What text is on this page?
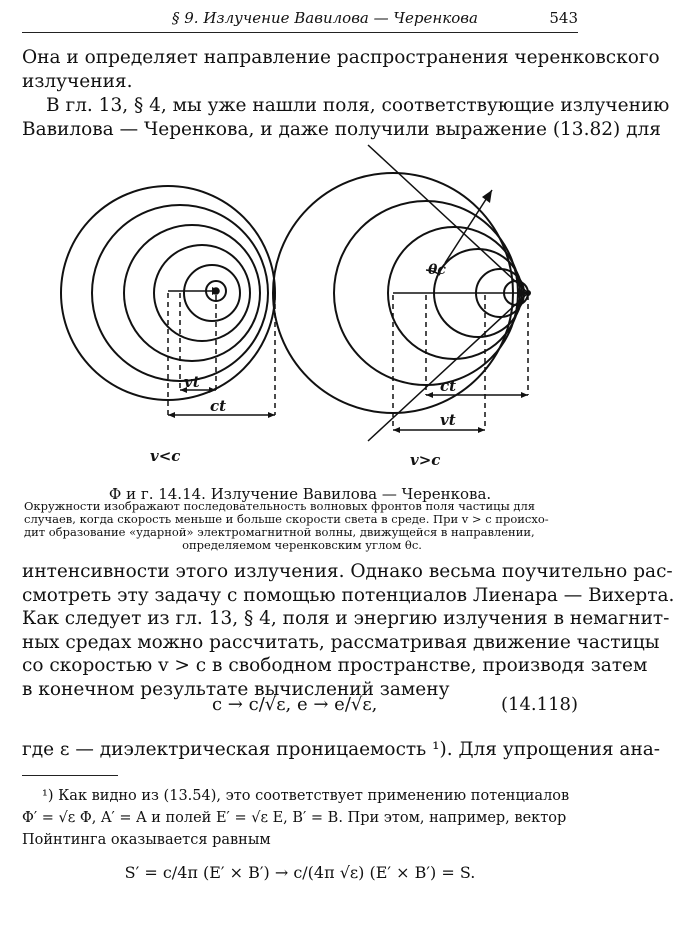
§ 9. Излучение Вавилова — Черенкова	543
Она и определяет направление распространения черенковского
излучения.
В гл. 13, § 4, мы уже нашли поля, соответствующие излучению
Вавилова — Черенкова, и даже получили выражение (13.82) для
vt
ct
v<c
θc
vt
ct
v>c
Ф и г. 14.14. Излучение Вавилова — Черенкова.
Окружности изображают последовательность волновых фронтов поля частицы для
случаев, когда скорость меньше и больше скорости света в среде. При v > c происхо-
дит образование «ударной» электромагнитной волны, движущейся в направлении,
определяемом черенковским углом θc.
интенсивности этого излучения. Однако весьма поучительно рас-
смотреть эту задачу с помощью потенциалов Лиенара — Вихерта.
Как следует из гл. 13, § 4, поля и энергию излучения в немагнит-
ных средах можно рассчитать, рассматривая движение частицы
со скоростью v > c в свободном пространстве, производя затем
в конечном результате вычислений замену
c → c/√ε, e → e/√ε,	(14.118)
где ε — диэлектрическая проницаемость ¹). Для упрощения ана-
¹) Как видно из (13.54), это соответствует применению потенциалов
Φ′ = √ε Φ, A′ = A и полей E′ = √ε E, B′ = B. При этом, например, вектор
Пойнтинга оказывается равным
S′ = c/4π (E′ × B′) → c/(4π √ε) (E′ × B′) = S.
